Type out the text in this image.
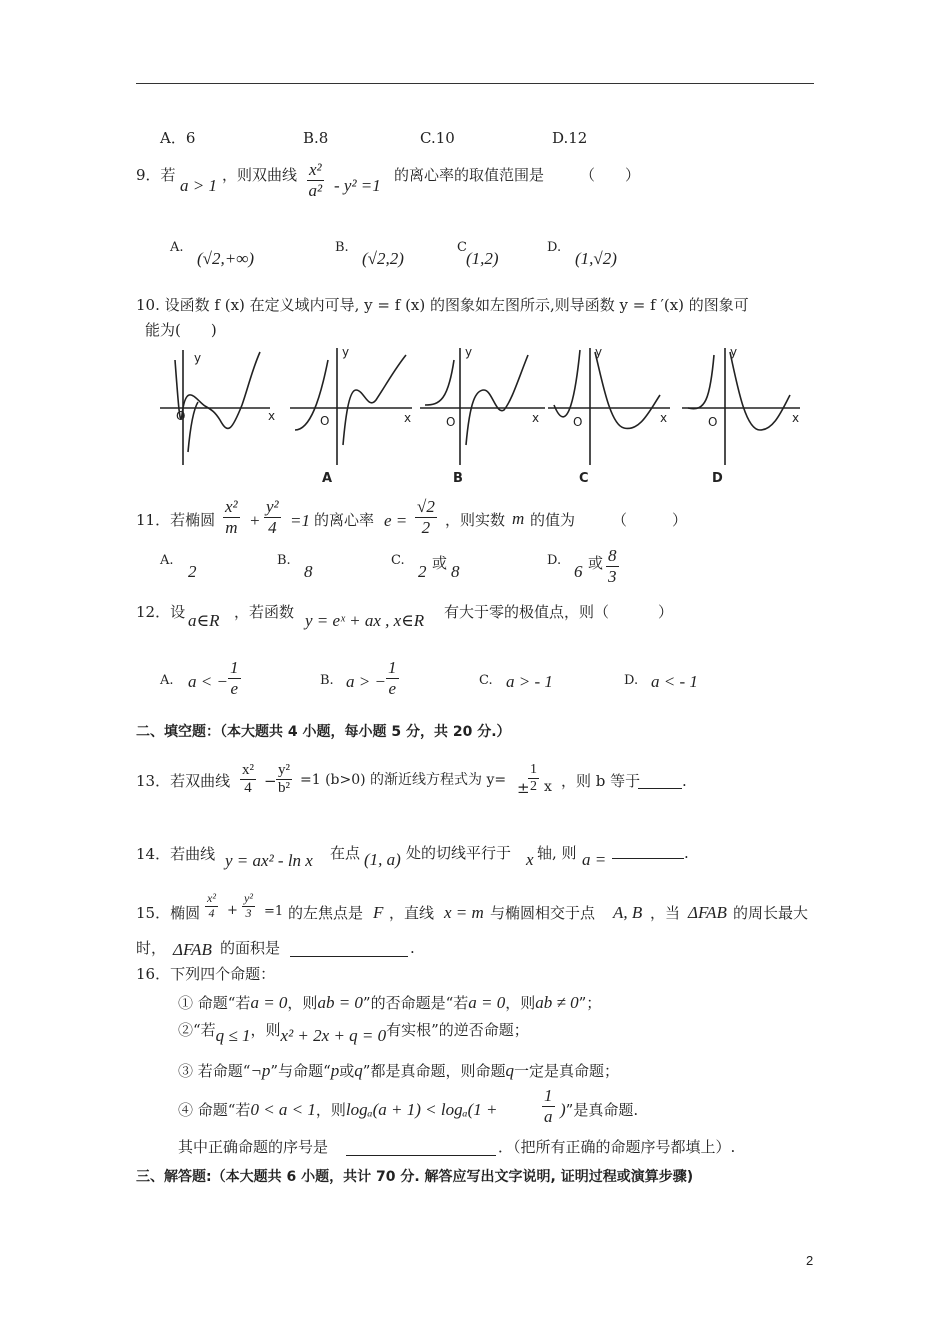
A．6	B.8	C.10	D.12
9．若
a > 1
，则双曲线 $\frac{\text{x²}}{\text{a²}} - y^2 =1$
的离心率的取值范围是 （　　）
A.
(√2,+∞)
B.
(√2,2)
C
(1,2)
D.
(1,√2)
10. 设函数 f (x) 在定义域内可导, y = f (x) 的图象如左图所示,则导函数 y = f ′(x) 的图象可
能为(　　)
y
x
O
y
x
O
y
x
O
y
x
O
y
x
O
A	B	C	D
11．若椭圆 $\frac{\text{x²}}{m} + \frac{\text{y²}}{4} =1$ 的离心率 $e = \frac{√2}{2}$ ，则实数 m 的值为 （　　　）
A.
2
B.
8
C.
2 或 8
D.
6 或 $\frac{8}{3}$
12．设 a∈R ，若函数 y = eˣ + ax , x∈R 有大于零的极值点，则（ 　　）
A. a < − $\frac{1}{e}$	B. a > − $\frac{1}{e}$	C. a > - 1	D. a < - 1
二、填空题：（本大题共 4 小题，每小题 5 分，共 20 分.）
13．若双曲线 $\frac{\text{x²}}{4} - \frac{\text{y²}}{\text{b²}} =1$ (b>0) 的渐近线方程式为 y= ±
$\frac{1}{2}$ x ，则 b 等于	.
14．若曲线 y = ax² - ln x 在点 (1, a) 处的切线平行于 x 轴, 则 a =	.
15．椭圆 $\frac{\text{x²}}{4} + \frac{\text{y²}}{3} =1$ 的左焦点是 F ，直线 x = m 与椭圆相交于点 A, B ，当 ΔFAB 的周长最大
时， ΔFAB 的面积是	.
16．下列四个命题：
① 命题“若a = 0，则ab = 0”的否命题是“若a = 0，则ab ≠ 0”；
②“若q ≤ 1，则x² + 2x + q = 0有实根”的逆否命题；
③ 若命题“¬p”与命题“p或q”都是真命题，则命题q一定是真命题；
④ 命题“若0 < a < 1，则logₐ(a + 1) < logₐ(1 +	$\frac{1}{a}$ )”是真命题.
其中正确命题的序号是	．（把所有正确的命题序号都填上）.
三、解答题:（本大题共 6 小题，共计 70 分. 解答应写出文字说明, 证明过程或演算步骤)
2
